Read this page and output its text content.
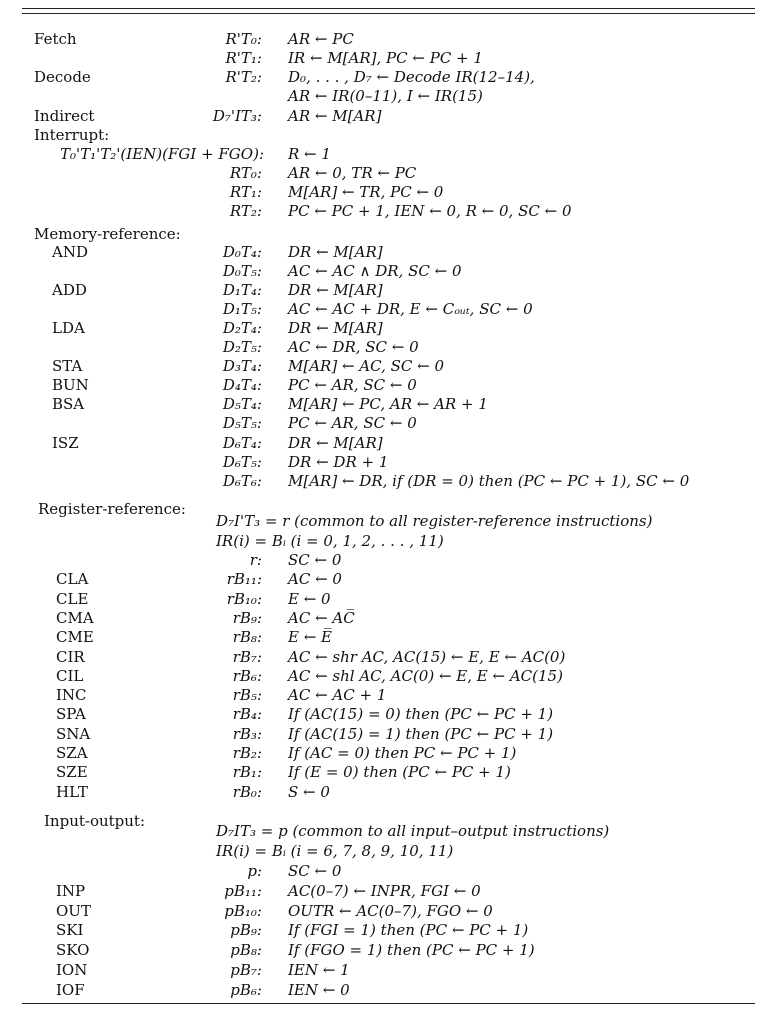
Fetch	R'T₀: AR ← PC
R'T₁: IR ← M[AR], PC ← PC + 1
Decode	R'T₂: D₀, . . . , D₇ ← Decode IR(12–14),
AR ← IR(0–11), I ← IR(15)
Indirect	D₇'IT₃: AR ← M[AR]
Interrupt:
T₀'T₁'T₂'(IEN)(FGI + FGO): R ← 1
RT₀: AR ← 0, TR ← PC
RT₁: M[AR] ← TR, PC ← 0
RT₂: PC ← PC + 1, IEN ← 0, R ← 0, SC ← 0
Memory-reference:
AND	D₀T₄: DR ← M[AR]
D₀T₅: AC ← AC ∧ DR, SC ← 0
ADD	D₁T₄: DR ← M[AR]
D₁T₅: AC ← AC + DR, E ← Cₒᵤₜ, SC ← 0
LDA	D₂T₄: DR ← M[AR]
D₂T₅: AC ← DR, SC ← 0
STA	D₃T₄: M[AR] ← AC, SC ← 0
BUN	D₄T₄: PC ← AR, SC ← 0
BSA	D₅T₄: M[AR] ← PC, AR ← AR + 1
D₅T₅: PC ← AR, SC ← 0
ISZ	D₆T₄: DR ← M[AR]
D₆T₅: DR ← DR + 1
D₆T₆: M[AR] ← DR, if (DR = 0) then (PC ← PC + 1), SC ← 0
Register-reference:
D₇I'T₃ = r (common to all register-reference instructions)
IR(i) = Bᵢ (i = 0, 1, 2, . . . , 11)
r: SC ← 0
CLA	rB₁₁: AC ← 0
CLE	rB₁₀: E ← 0
CMA	rB₉: AC ← AC̅
CME	rB₈: E ← E̅
CIR	rB₇: AC ← shr AC, AC(15) ← E, E ← AC(0)
CIL	rB₆: AC ← shl AC, AC(0) ← E, E ← AC(15)
INC	rB₅: AC ← AC + 1
SPA	rB₄: If (AC(15) = 0) then (PC ← PC + 1)
SNA	rB₃: If (AC(15) = 1) then (PC ← PC + 1)
SZA	rB₂: If (AC = 0) then PC ← PC + 1)
SZE	rB₁: If (E = 0) then (PC ← PC + 1)
HLT	rB₀: S ← 0
Input-output:
D₇IT₃ = p (common to all input–output instructions)
IR(i) = Bᵢ (i = 6, 7, 8, 9, 10, 11)
p: SC ← 0
INP	pB₁₁: AC(0–7) ← INPR, FGI ← 0
OUT	pB₁₀: OUTR ← AC(0–7), FGO ← 0
SKI	pB₉: If (FGI = 1) then (PC ← PC + 1)
SKO	pB₈: If (FGO = 1) then (PC ← PC + 1)
ION	pB₇: IEN ← 1
IOF	pB₆: IEN ← 0
